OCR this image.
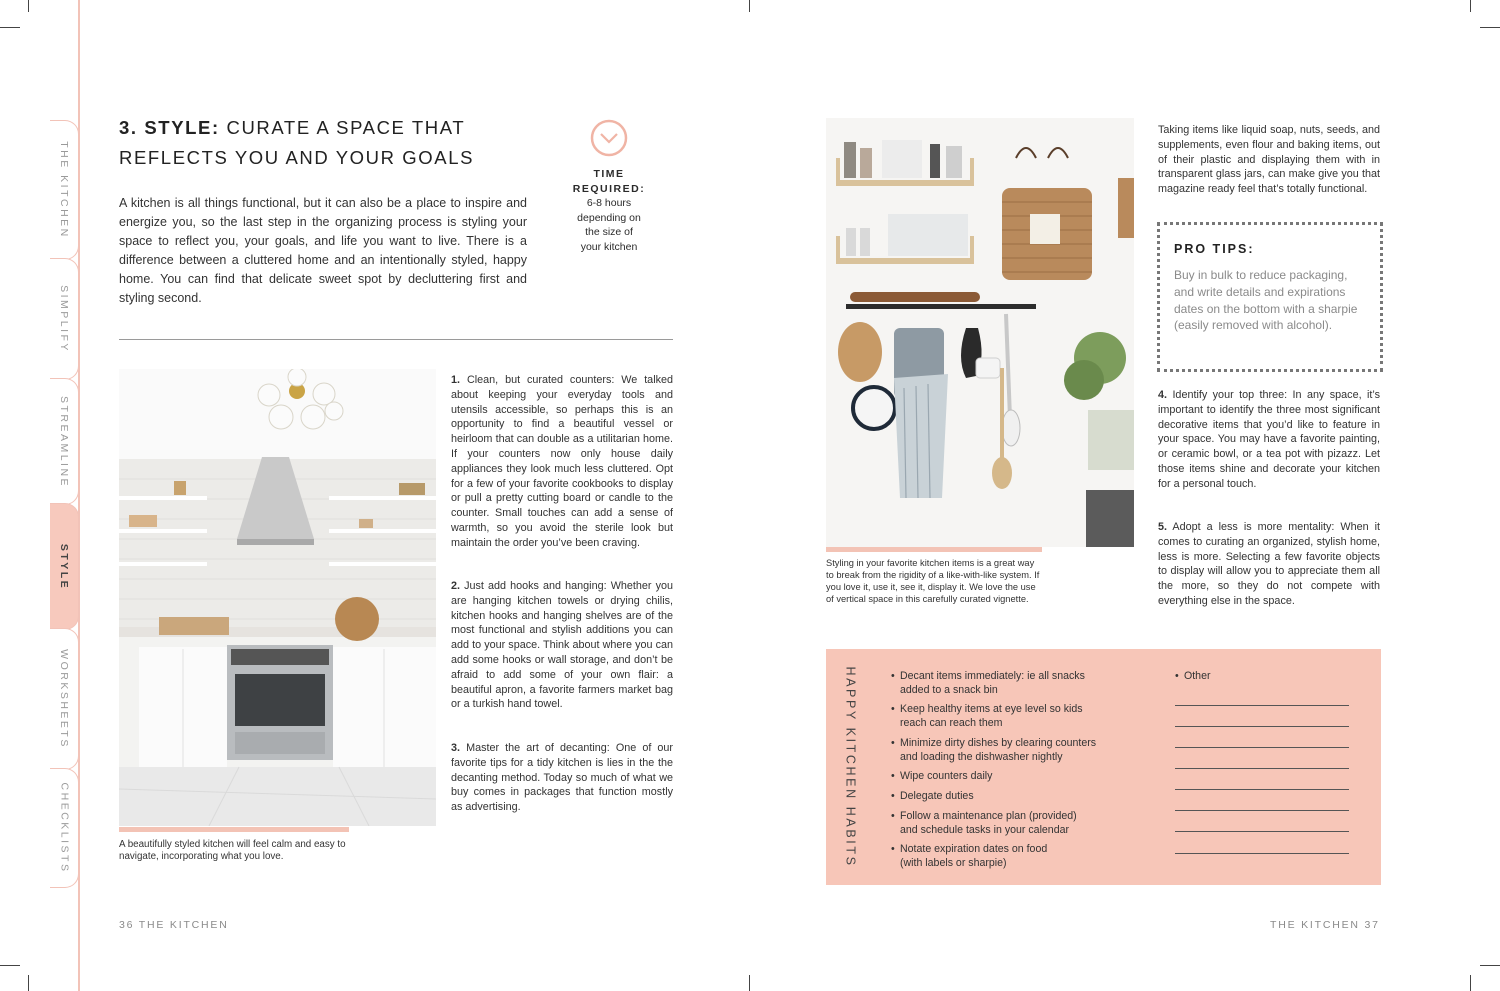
THE KITCHEN
SIMPLIFY
STREAMLINE
STYLE
WORKSHEETS
CHECKLISTS
3. STYLE: CURATE A SPACE THAT
REFLECTS YOU AND YOUR GOALS
A kitchen is all things functional, but it can also be a place to inspire and energize you, so the last step in the organizing process is styling your space to reflect you, your goals, and life you want to live. There is a difference between a cluttered home and an intentionally styled, happy home. You can find that delicate sweet spot by decluttering first and styling second.
TIME
REQUIRED:
6-8 hours
depending on
the size of
your kitchen
A beautifully styled kitchen will feel calm and easy to navigate, incorporating what you love.
1. Clean, but curated counters: We talked about keeping your everyday tools and utensils accessible, so perhaps this is an opportunity to find a beautiful vessel or heirloom that can double as a utilitarian home. If your counters now only house daily appliances they look much less cluttered. Opt for a few of your favorite cookbooks to display or pull a pretty cutting board or candle to the counter. Small touches can add a sense of warmth, so you avoid the sterile look but maintain the order you’ve been craving.
2. Just add hooks and hanging: Whether you are hanging kitchen towels or drying chilis, kitchen hooks and hanging shelves are of the most functional and stylish additions you can add to your space. Think about where you can add some hooks or wall storage, and don’t be afraid to add some of your own flair: a beautiful apron, a favorite farmers market bag or a turkish hand towel.
3. Master the art of decanting: One of our favorite tips for a tidy kitchen is lies in the the decanting method. Today so much of what we buy comes in packages that function mostly as advertising.
36 THE KITCHEN
Styling in your favorite kitchen items is a great way to break from the rigidity of a like-with-like system. If you love it, use it, see it, display it. We love the use of vertical space in this carefully curated vignette.
Taking items like liquid soap, nuts, seeds, and supplements, even flour and baking items, out of their plastic and displaying them with in transparent glass jars, can make give you that magazine ready feel that’s totally functional.
PRO TIPS:
Buy in bulk to reduce packaging, and write details and expirations dates on the bottom with a sharpie (easily removed with alcohol).
4. Identify your top three: In any space, it’s important to identify the three most significant decorative items that you’d like to feature in your space. You may have a favorite painting, or ceramic bowl, or a tea pot with pizazz. Let those items shine and decorate your kitchen for a personal touch.
5. Adopt a less is more mentality: When it comes to curating an organized, stylish home, less is more. Selecting a few favorite objects to display will allow you to appreciate them all the more, so they do not compete with everything else in the space.
HAPPY KITCHEN HABITS
•	Decant items immediately: ie all snacks
added to a snack bin
• Keep healthy items at eye level so kids
reach can reach them
• Minimize dirty dishes by clearing counters
and loading the dishwasher nightly
• Wipe counters daily
• Delegate duties
• Follow a maintenance plan (provided)
and schedule tasks in your calendar
• Notate expiration dates on food
(with labels or sharpie)
• Other
THE KITCHEN 37
